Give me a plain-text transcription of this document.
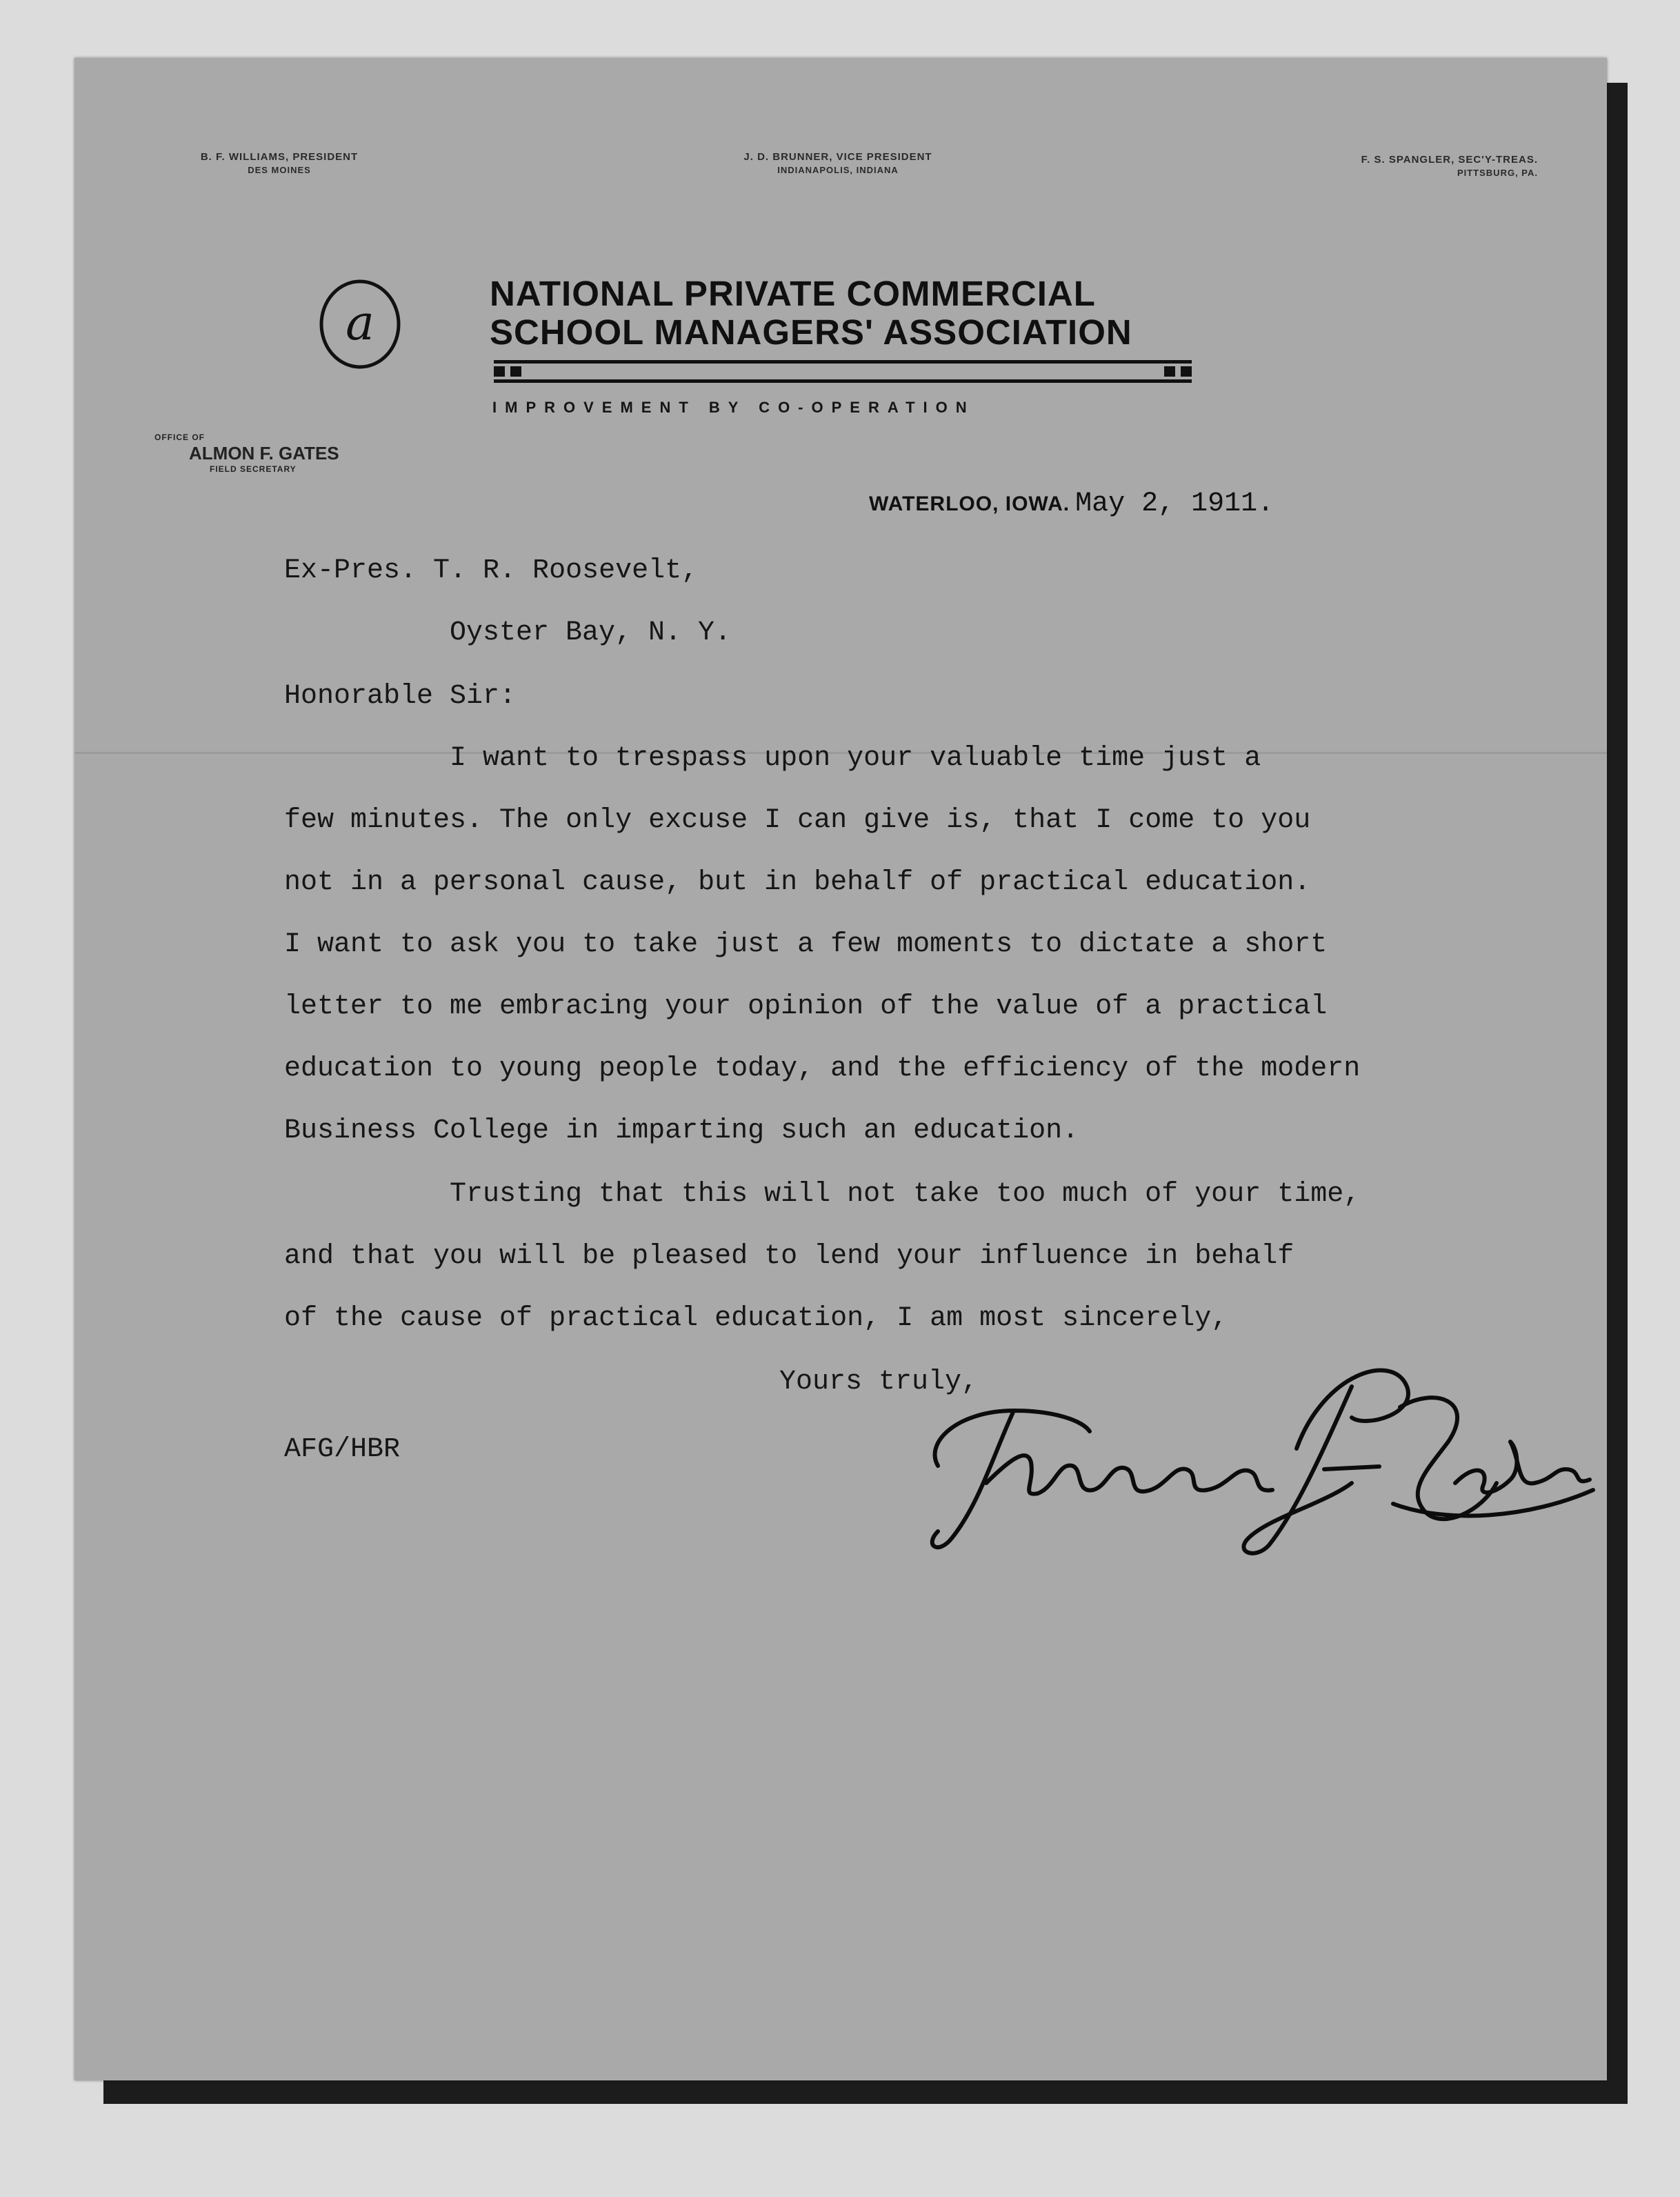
B. F. WILLIAMS, PRESIDENT
DES MOINES
J. D. BRUNNER, VICE PRESIDENT
INDIANAPOLIS, INDIANA
F. S. SPANGLER, SEC'Y-TREAS.
PITTSBURG, PA.
a
NATIONAL PRIVATE COMMERCIAL
SCHOOL MANAGERS' ASSOCIATION
IMPROVEMENT BY CO-OPERATION
OFFICE OF
ALMON F. GATES
FIELD SECRETARY
WATERLOO, IOWA. May 2, 1911.
Ex-Pres. T. R. Roosevelt,
Oyster Bay, N. Y.
Honorable Sir:
I want to trespass upon your valuable time just a
few minutes. The only excuse I can give is, that I come to you
not in a personal cause, but in behalf of practical education.
I want to ask you to take just a few moments to dictate a short
letter to me embracing your opinion of the value of a practical
education to young people today, and the efficiency of the modern
Business College in imparting such an education.
Trusting that this will not take too much of your time,
and that you will be pleased to lend your influence in behalf
of the cause of practical education, I am most sincerely,
Yours truly,
AFG/HBR
